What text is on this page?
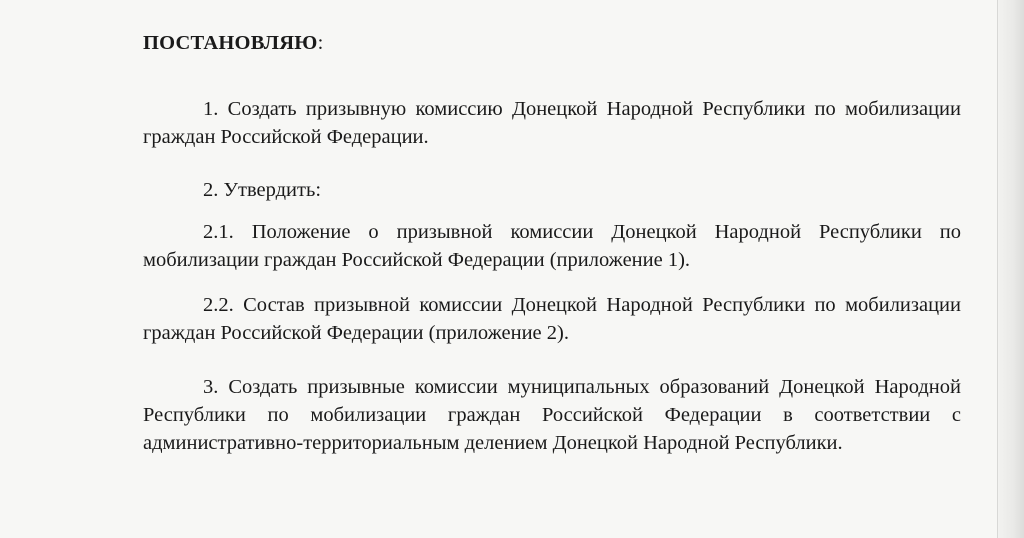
ПОСТАНОВЛЯЮ:

1. Создать призывную комиссию Донецкой Народной Республики по мобилизации граждан Российской Федерации.

2. Утвердить:

2.1. Положение о призывной комиссии Донецкой Народной Республики по мобилизации граждан Российской Федерации (приложение 1).

2.2. Состав призывной комиссии Донецкой Народной Республики по мобилизации граждан Российской Федерации (приложение 2).

3. Создать призывные комиссии муниципальных образований Донецкой Народной Республики по мобилизации граждан Российской Федерации в соответствии с административно-территориальным делением Донецкой Народной Республики.
